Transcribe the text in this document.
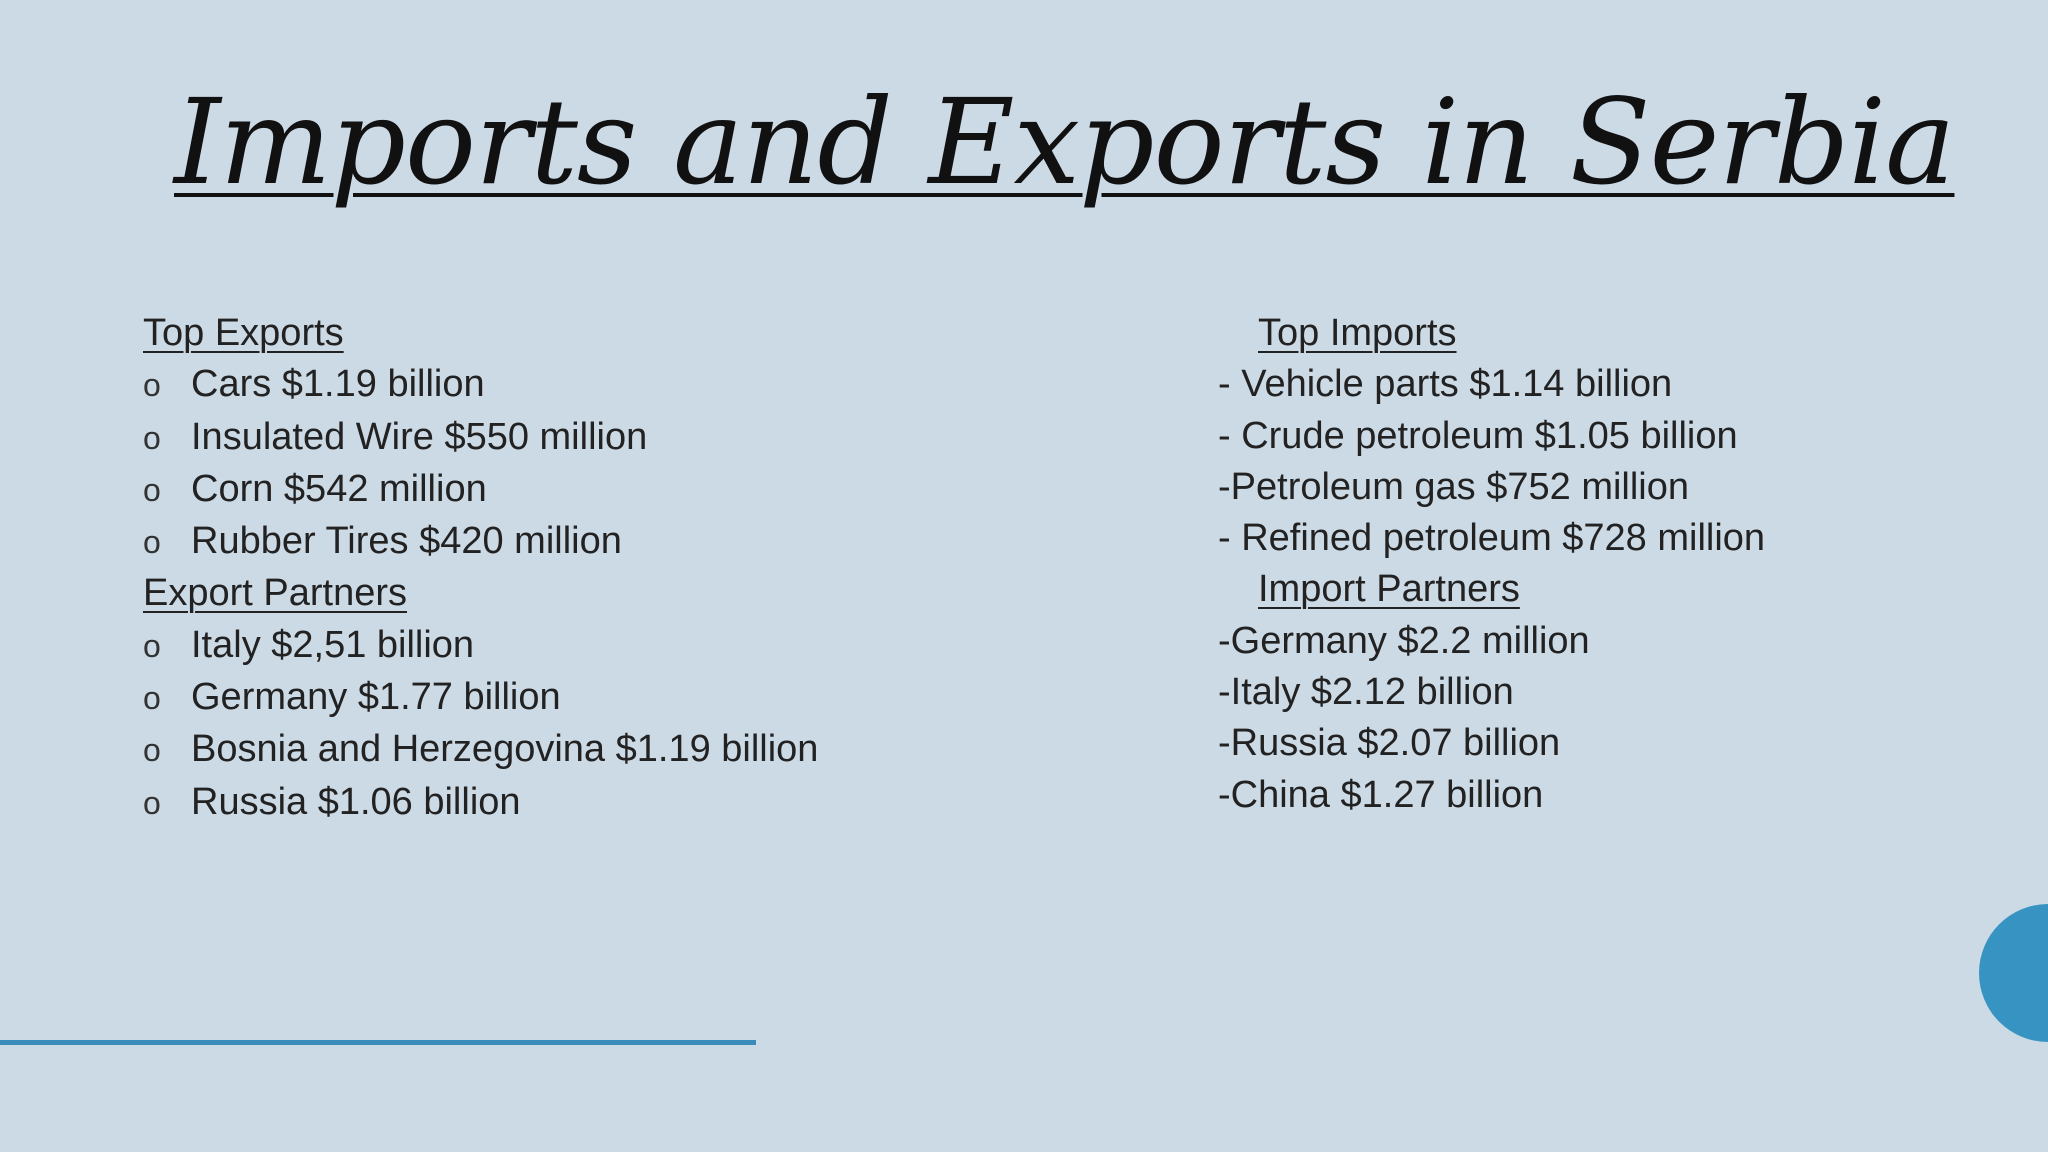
Imports and Exports in Serbia
Top Exports
o Cars $1.19 billion
o Insulated Wire $550 million
o Corn $542 million
o Rubber Tires $420 million
Export Partners
o Italy $2,51 billion
o Germany $1.77 billion
o Bosnia and Herzegovina $1.19 billion
o Russia $1.06 billion
Top Imports
- Vehicle parts $1.14 billion
- Crude petroleum $1.05 billion
-Petroleum gas $752 million
- Refined petroleum $728 million
Import Partners
-Germany $2.2 million
-Italy $2.12 billion
-Russia $2.07 billion
-China $1.27 billion
